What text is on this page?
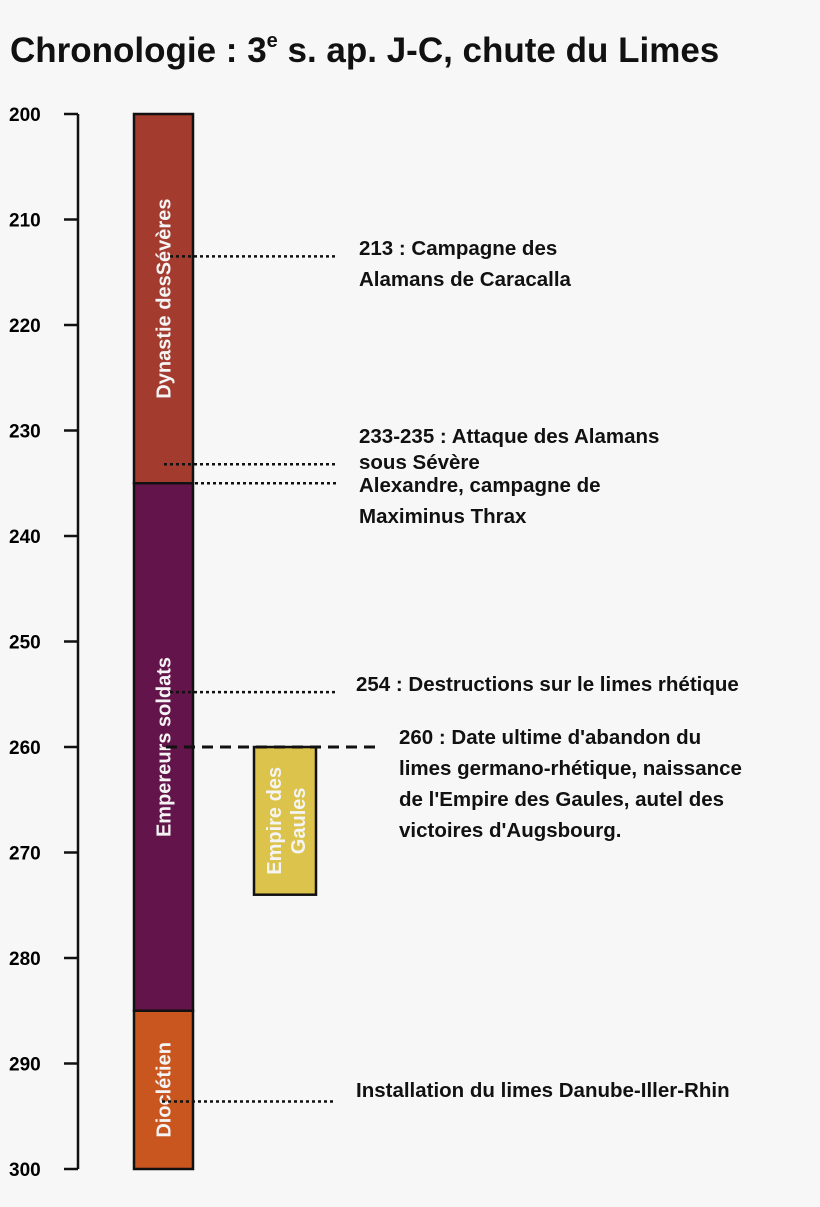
Chronologie : 3e s. ap. J-C, chute du Limes
200
210
220
230
240
250
260
270
280
290
300
Dynastie desSévères
Empereurs soldats
Dioclétien
Empire des Gaules
213 : Campagne des
Alamans de Caracalla
233-235 : Attaque des Alamans
sous Sévère
Alexandre, campagne de
Maximinus Thrax
254 : Destructions sur le limes rhétique
260 : Date ultime d'abandon du
limes germano-rhétique, naissance
de l'Empire des Gaules, autel des
victoires d'Augsbourg.
Installation du limes Danube-Iller-Rhin
